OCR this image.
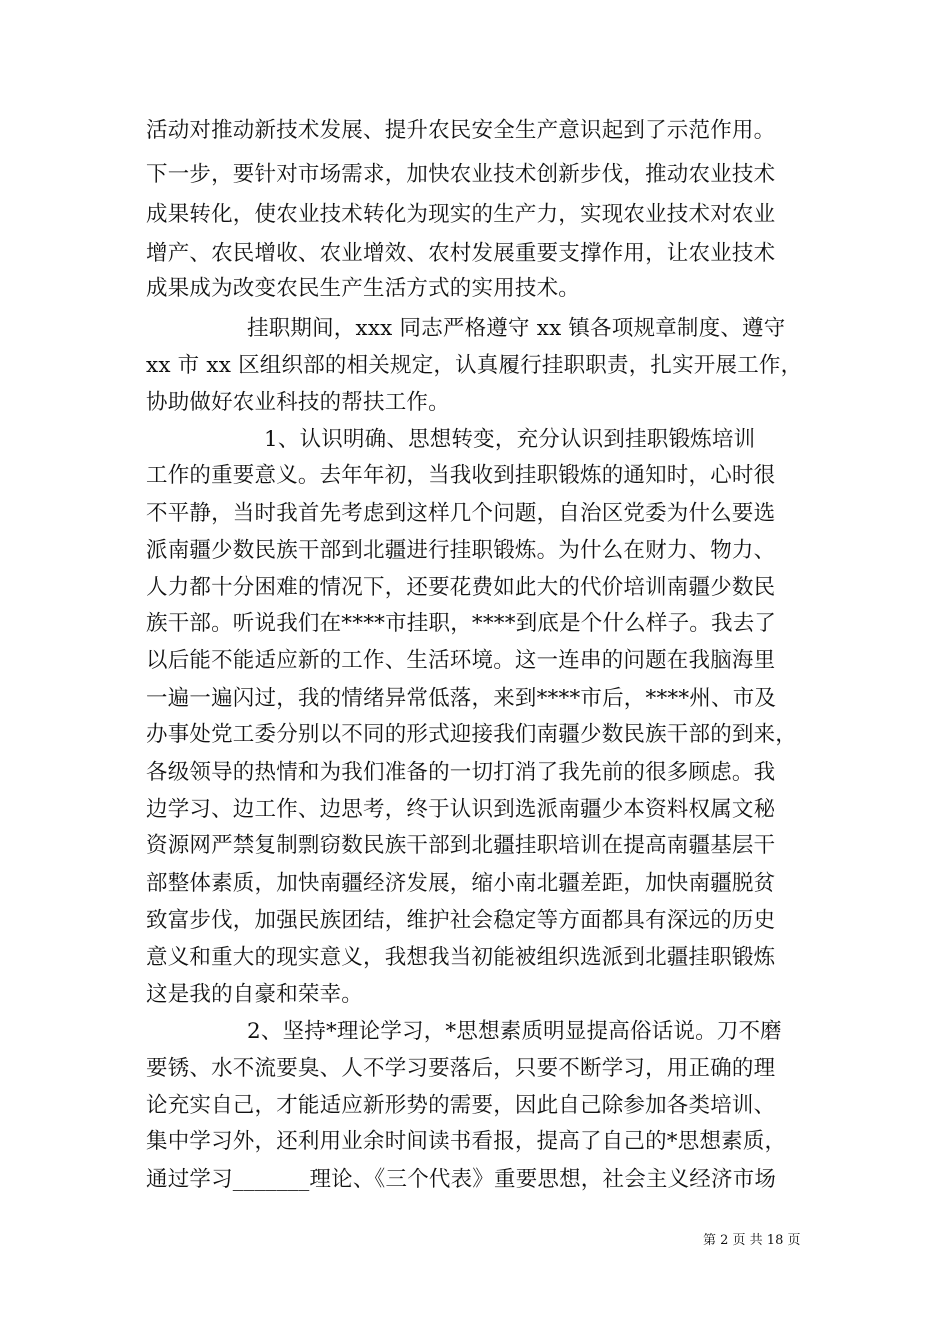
活动对推动新技术发展、提升农民安全生产意识起到了示范作用。
下一步，要针对市场需求，加快农业技术创新步伐，推动农业技术
成果转化，使农业技术转化为现实的生产力，实现农业技术对农业
增产、农民增收、农业增效、农村发展重要支撑作用，让农业技术
成果成为改变农民生产生活方式的实用技术。
挂职期间，xxx 同志严格遵守 xx 镇各项规章制度、遵守
xx 市 xx 区组织部的相关规定，认真履行挂职职责，扎实开展工作，
协助做好农业科技的帮扶工作。
1、认识明确、思想转变，充分认识到挂职锻炼培训
工作的重要意义。去年年初，当我收到挂职锻炼的通知时，心时很
不平静，当时我首先考虑到这样几个问题，自治区党委为什么要选
派南疆少数民族干部到北疆进行挂职锻炼。为什么在财力、物力、
人力都十分困难的情况下，还要花费如此大的代价培训南疆少数民
族干部。听说我们在****市挂职，****到底是个什么样子。我去了
以后能不能适应新的工作、生活环境。这一连串的问题在我脑海里
一遍一遍闪过，我的情绪异常低落，来到****市后，****州、市及
办事处党工委分别以不同的形式迎接我们南疆少数民族干部的到来，
各级领导的热情和为我们准备的一切打消了我先前的很多顾虑。我
边学习、边工作、边思考，终于认识到选派南疆少本资料权属文秘
资源网严禁复制剽窃数民族干部到北疆挂职培训在提高南疆基层干
部整体素质，加快南疆经济发展，缩小南北疆差距，加快南疆脱贫
致富步伐，加强民族团结，维护社会稳定等方面都具有深远的历史
意义和重大的现实意义，我想我当初能被组织选派到北疆挂职锻炼
这是我的自豪和荣幸。
2、坚持*理论学习，*思想素质明显提高俗话说。刀不磨
要锈、水不流要臭、人不学习要落后，只要不断学习，用正确的理
论充实自己，才能适应新形势的需要，因此自己除参加各类培训、
集中学习外，还利用业余时间读书看报，提高了自己的*思想素质，
通过学习_______理论、《三个代表》重要思想，社会主义经济市场
第 2 页 共 18 页
